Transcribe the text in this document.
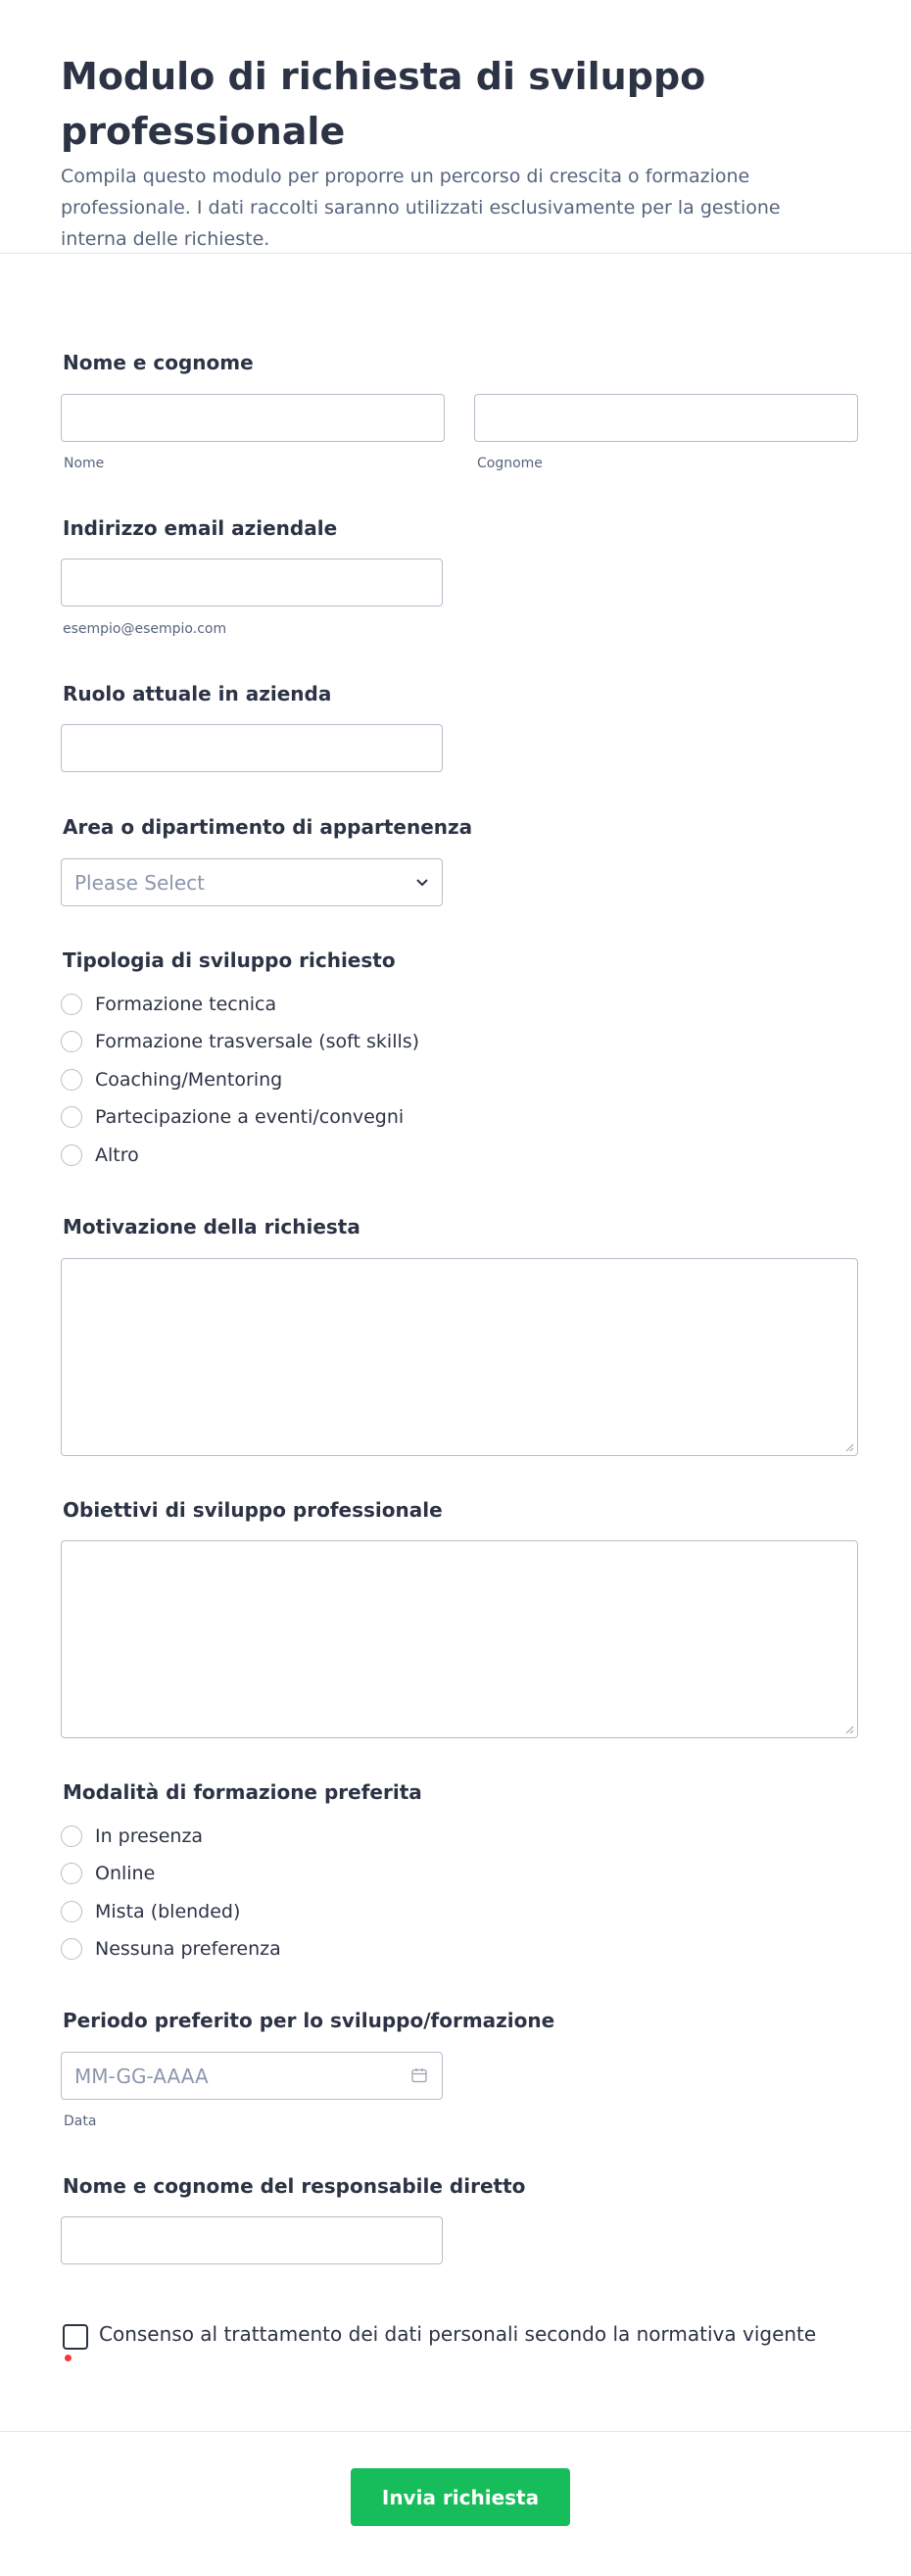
Modulo di richiesta di sviluppo professionale

Compila questo modulo per proporre un percorso di crescita o formazione professionale. I dati raccolti saranno utilizzati esclusivamente per la gestione interna delle richieste.

Nome e cognome
Nome	Cognome
Indirizzo email aziendale
esempio@esempio.com
Ruolo attuale in azienda
Area o dipartimento di appartenenza
Please Select
Tipologia di sviluppo richiesto
Formazione tecnica
Formazione trasversale (soft skills)
Coaching/Mentoring
Partecipazione a eventi/convegni
Altro
Motivazione della richiesta
Obiettivi di sviluppo professionale
Modalità di formazione preferita
In presenza
Online
Mista (blended)
Nessuna preferenza
Periodo preferito per lo sviluppo/formazione
MM-GG-AAAA
Data
Nome e cognome del responsabile diretto
Consenso al trattamento dei dati personali secondo la normativa vigente
Invia richiesta
